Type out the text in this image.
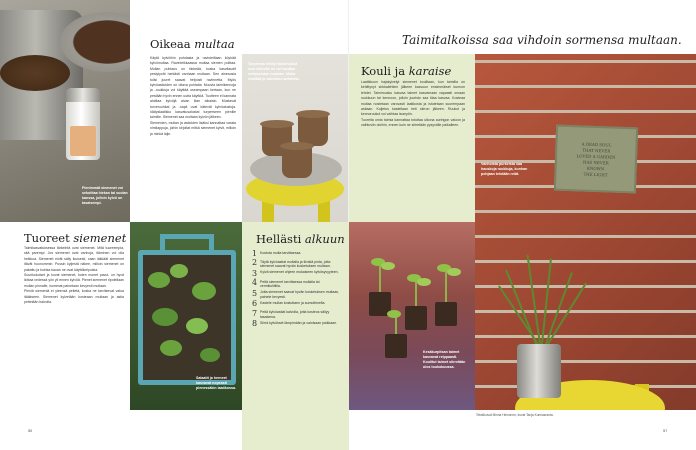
Pienimmät siemenet voi sekoittaa hiekan tai suolan kanssa, jolloin kylvö on tasaisempi.
Oikeaa multaa
Käytä kylvöihin puhdasta ja ravinteiltaan köyhää kylvömultaa. Ravinteikkaassa multaa siemen polttaa. Mullan puhtaus on tärkeää, koska kasvitaudit pesiytyvät herkästi vanhaan multaan. Sen ainesosia tulisi juuret saavat helposti ravinnetta. Myös kylvöastioiden on oltava puhtaita. Muovia taimikennoja ja -ruukkuja voi käyttää useampaan kertaan, kun ne pestään hyvin ennen uutta käyttöä. Tuotteen ei kannata aloittaa kylvöjä aivan liian aikaisin. Mustavat turverouhkat ja -napit ovat kätevät kylvöalustoja. Idätyslaatikko kasvatusalustat turpeeseen pienille taimille. Siemenet saa multaan kylvön jälkeen.
Siemenien, mullan ja astioiden lisäksi kannattaa varata nimilappuja, joihin kirjoitat mitkä siemenet kylvit, milloin ja minkä lajin.
Tuoreet siemenet
Taimikasvatuksessa tärkeintä ovat siemenet. Mitä tuoreempia, sitä parempi. Jos siemenet ovat vanhoja, itäminen voi olla heikkoa. Siemenet eivät säily ikuisesti, vaan iäkkäät siemenet itävät huonommin. Pussin kyljestä näkee, milloin siemenet on pakattu ja kuinka kauan ne ovat käyttökelpoisia.
Suurikokoiset ja kovat siemenet, kuten monet pavut, on hyvä liottaa vedessä yön yli ennen kylvöä. Pienet siemenet ripotellaan mullan pinnalle, isommat painetaan kevyesti multaan.
Pieniä siemeniä ei yleensä peitetä, koska ne tarvitsevat valoa itääkseen. Siemenet kylvetään kosteaan multaan ja astia peitetään kalvolla.
Salaatit ja herneet kasvavat nopeasti pienessäkin laatikossa.
Turpeesta tehdyt taimiruukut ovat kätevät: ne voi istuttaa sellaisenaan maahan. Multa sisältää jo valmiiksi ravinteita.
Hellästi alkuun
1 Kostuta multa tarvittaessa.
2 Täytä kylvöastiat mullalla ja tiivistä pinta, jotta siemenet saavat hyvän kosketuksen multaan.
3 Kylvä siemenet ohjeen mukaiseen kylvösyvyyteen.
4 Peitä siemenet tarvittaessa mullalla tai vermikuliitilla.
5 Jotta siemenet saavat hyvän kosketuksen multaan, painele kevyesti.
6 Kastele mullan kostuttaen ja sumuttimella.
7 Peitä kylvöastiat kalvolla, jotta kosteus säilyy tasaisena.
8 Siirrä kylvökset lämpimään ja valoisaan paikkaan.
Taimitalkoissa saa vihdoin sormensa multaan.
Kouli ja karaise
Laatikkoon hajakylvetyt siemenet koulitaan, kun taimilla on kehittynyt sirkkalehtien jälkeen kasvuun ensimmäiset kunnon lehdet. Taimirousku kasvaa taimet kasvamaan vapaasti omaan ruukkuun tai kennoon, jolloin juuristo saa tilaa kasvaa. Kosteaa multaa nostetaan varovasti laatikosta ja istutetaan suurempaan astiaan. Kuljetus kastellaan heti siirron jälkeen. Ruukut ja kennoruukut voi vaihtaa isompiin.
Tuoreita omia taimia kannattaa totuttaa ulkona auringon valoon ja vaihtuviin oloihin, ennen kuin ne siirretään pysyvälle paikalleen.
A DEAD SOUL
THAT NEVER
LOVED A GARDEN
HAS NEVER
KNOWN
THE LIGHT
Vanhoista purkeista saa hauskoja ruukkuja, kunhan pohjaan tehdään reiät.
Kesäkurpitsan taimet kasvavat reippaasti. Koulitut taimet siirretään ulos toukokuussa.
56	57
Tekstikuvat Minna Heinonen; kuvat Tanja Kunnasranta.
